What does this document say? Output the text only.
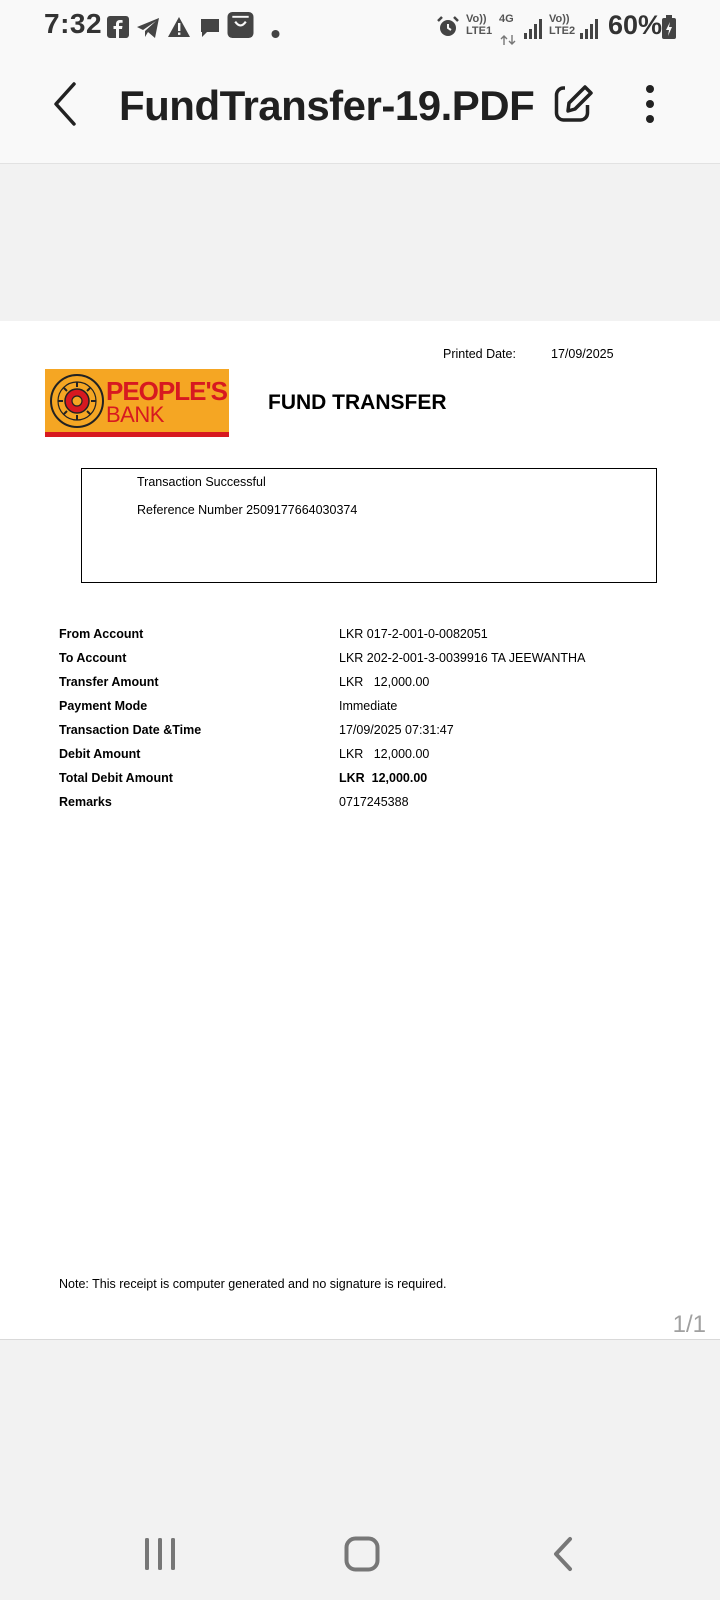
7:32	Vo))
LTE1
4G	Vo))
LTE2 60%
FundTransfer-19.PDF
Printed Date:	17/09/2025
PEOPLE'S
BANK	FUND TRANSFER
Transaction Successful
Reference Number 2509177664030374
From Account	LKR 017-2-001-0-0082051
To Account	LKR 202-2-001-3-0039916 TA JEEWANTHA
Transfer Amount	LKR   12,000.00
Payment Mode	Immediate
Transaction Date &Time	17/09/2025 07:31:47
Debit Amount	LKR   12,000.00
Total Debit Amount	LKR  12,000.00
Remarks	0717245388
Note: This receipt is computer generated and no signature is required.
1/1
